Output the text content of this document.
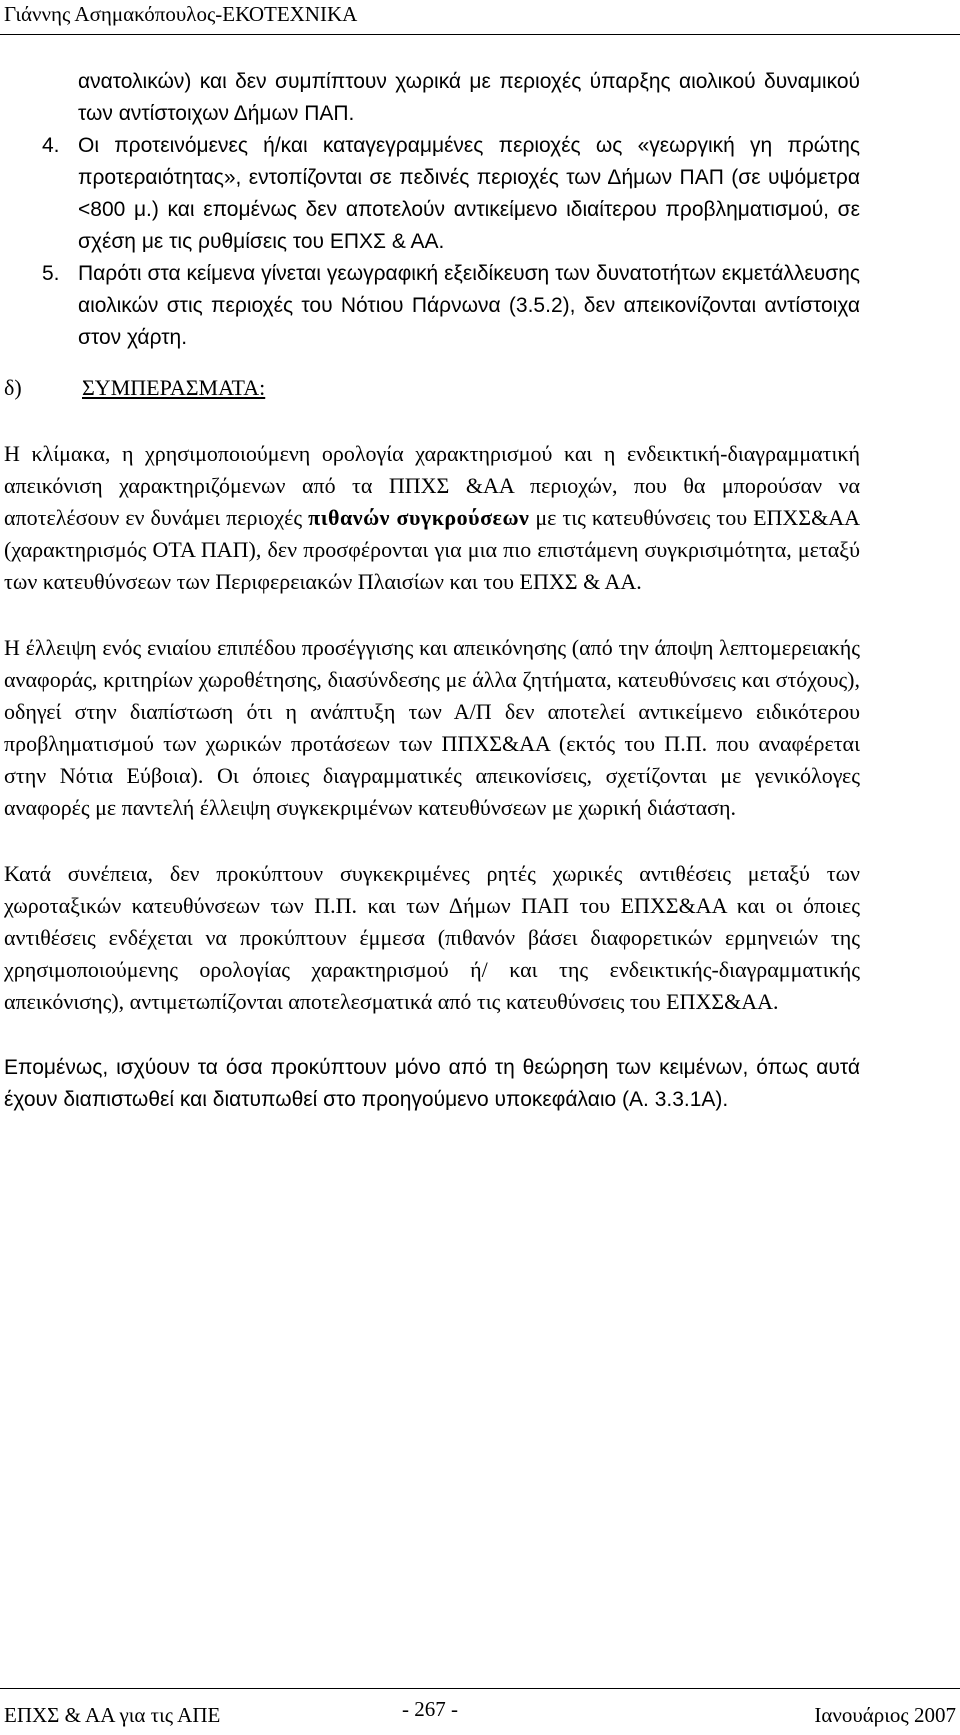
Γιάννης Ασημακόπουλος-ΕΚΟΤΕΧΝΙΚΑ

ανατολικών) και δεν συμπίπτουν χωρικά με περιοχές ύπαρξης αιολικού δυναμικού των αντίστοιχων Δήμων ΠΑΠ.

4. Οι προτεινόμενες ή/και καταγεγραμμένες περιοχές ως «γεωργική γη πρώτης προτεραιότητας», εντοπίζονται σε πεδινές περιοχές των Δήμων ΠΑΠ (σε υψόμετρα <800 μ.) και επομένως δεν αποτελούν αντικείμενο ιδιαίτερου προβληματισμού, σε σχέση με τις ρυθμίσεις του ΕΠΧΣ & ΑΑ.

5. Παρότι στα κείμενα γίνεται γεωγραφική εξειδίκευση των δυνατοτήτων εκμετάλλευσης αιολικών στις περιοχές του Νότιου Πάρνωνα (3.5.2), δεν απεικονίζονται αντίστοιχα στον χάρτη.

δ)	ΣΥΜΠΕΡΑΣΜΑΤΑ:

Η κλίμακα, η χρησιμοποιούμενη ορολογία χαρακτηρισμού και η ενδεικτική-διαγραμματική απεικόνιση χαρακτηριζόμενων από τα ΠΠΧΣ &ΑΑ περιοχών, που θα μπορούσαν να αποτελέσουν εν δυνάμει περιοχές πιθανών συγκρούσεων με τις κατευθύνσεις του ΕΠΧΣ&ΑΑ (χαρακτηρισμός ΟΤΑ ΠΑΠ), δεν προσφέρονται για μια πιο επιστάμενη συγκρισιμότητα, μεταξύ των κατευθύνσεων των Περιφερειακών Πλαισίων και του ΕΠΧΣ & ΑΑ.

Η έλλειψη ενός ενιαίου επιπέδου προσέγγισης και απεικόνησης (από την άποψη λεπτομερειακής αναφοράς, κριτηρίων χωροθέτησης, διασύνδεσης με άλλα ζητήματα, κατευθύνσεις και στόχους), οδηγεί στην διαπίστωση ότι η ανάπτυξη των Α/Π δεν αποτελεί αντικείμενο ειδικότερου προβληματισμού των χωρικών προτάσεων των ΠΠΧΣ&ΑΑ (εκτός του Π.Π. που αναφέρεται στην Νότια Εύβοια). Οι όποιες διαγραμματικές απεικονίσεις, σχετίζονται με γενικόλογες αναφορές με παντελή έλλειψη συγκεκριμένων κατευθύνσεων με χωρική διάσταση.

Κατά συνέπεια, δεν προκύπτουν συγκεκριμένες ρητές χωρικές αντιθέσεις μεταξύ των χωροταξικών κατευθύνσεων των Π.Π. και των Δήμων ΠΑΠ του ΕΠΧΣ&ΑΑ και οι όποιες αντιθέσεις ενδέχεται να προκύπτουν έμμεσα (πιθανόν βάσει διαφορετικών ερμηνειών της χρησιμοποιούμενης ορολογίας χαρακτηρισμού ή/ και της ενδεικτικής-διαγραμματικής απεικόνισης), αντιμετωπίζονται αποτελεσματικά από τις κατευθύνσεις του ΕΠΧΣ&ΑΑ.

Επομένως, ισχύουν τα όσα προκύπτουν μόνο από τη θεώρηση των κειμένων, όπως αυτά έχουν διαπιστωθεί και διατυπωθεί στο προηγούμενο υποκεφάλαιο (Α. 3.3.1Α).

ΕΠΧΣ & ΑΑ για τις ΑΠΕ	- 267 -	Ιανουάριος 2007
